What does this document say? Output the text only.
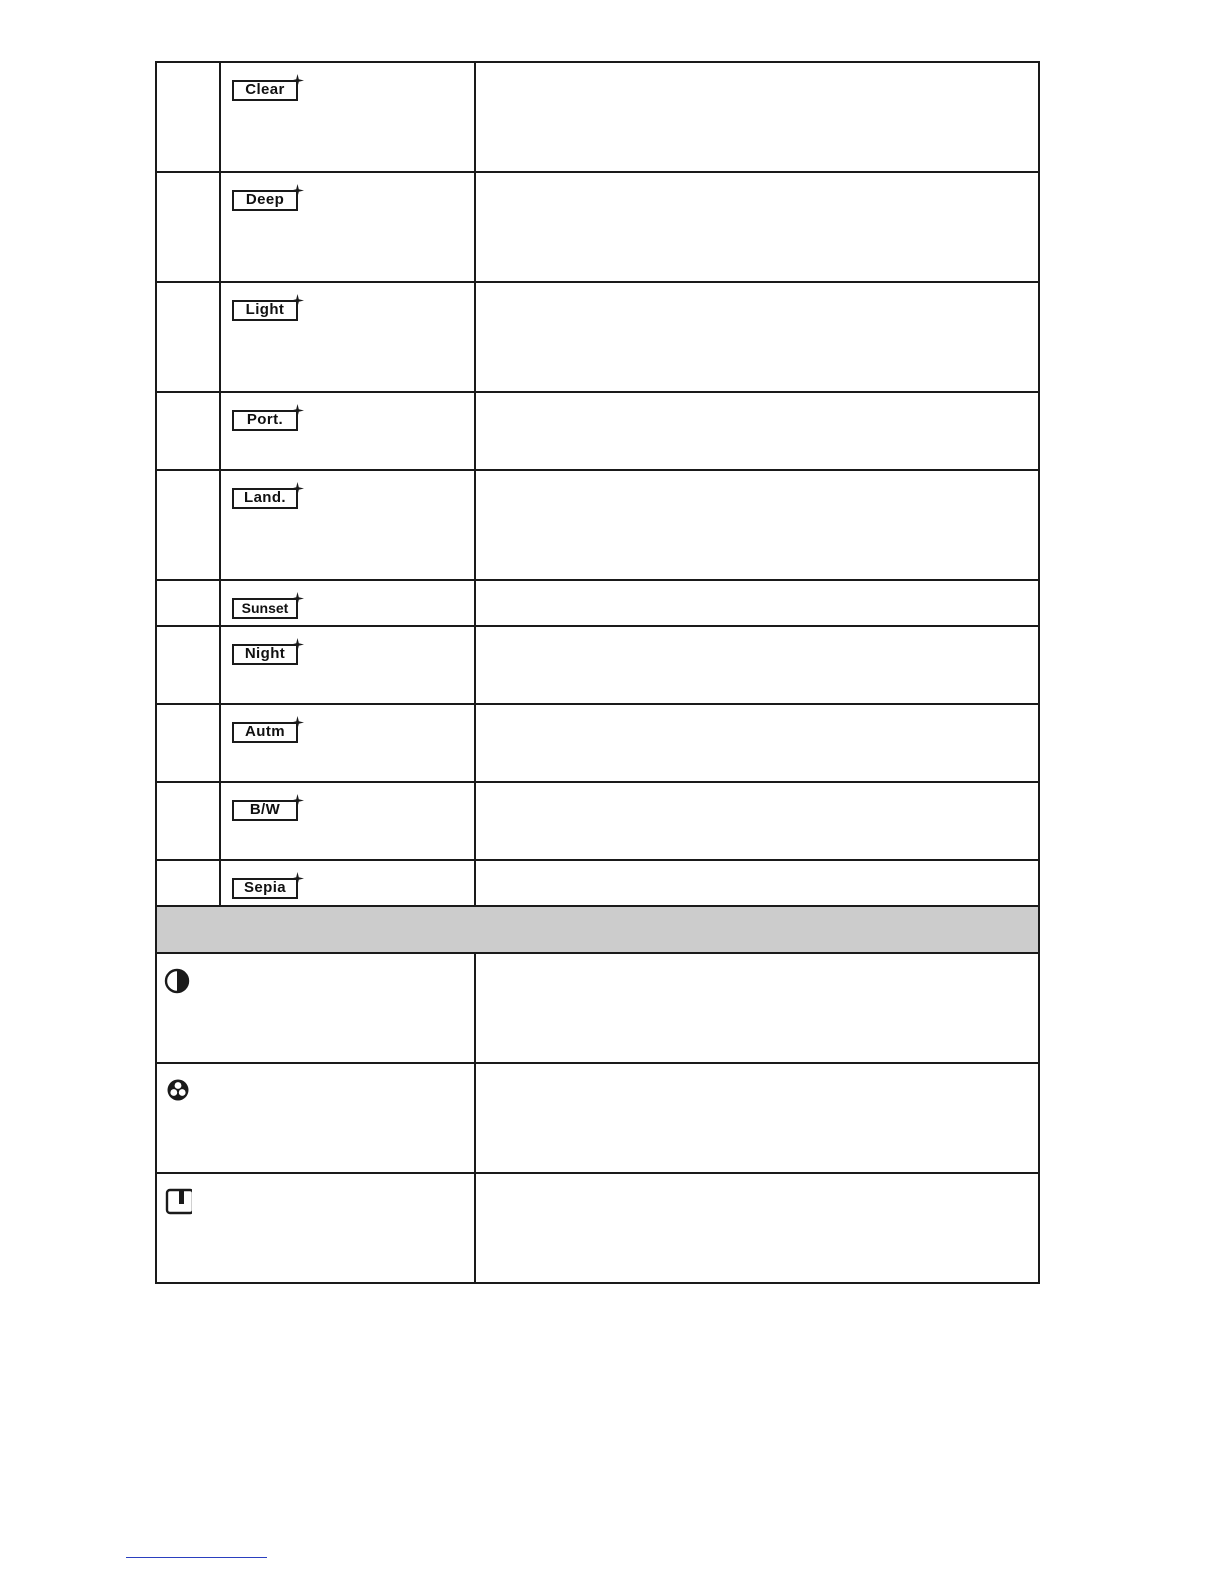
	Clear

	Deep

	Light

	Port.

	Land.

	Sunset

	Night

	Autm

	B/W

	Sepia
